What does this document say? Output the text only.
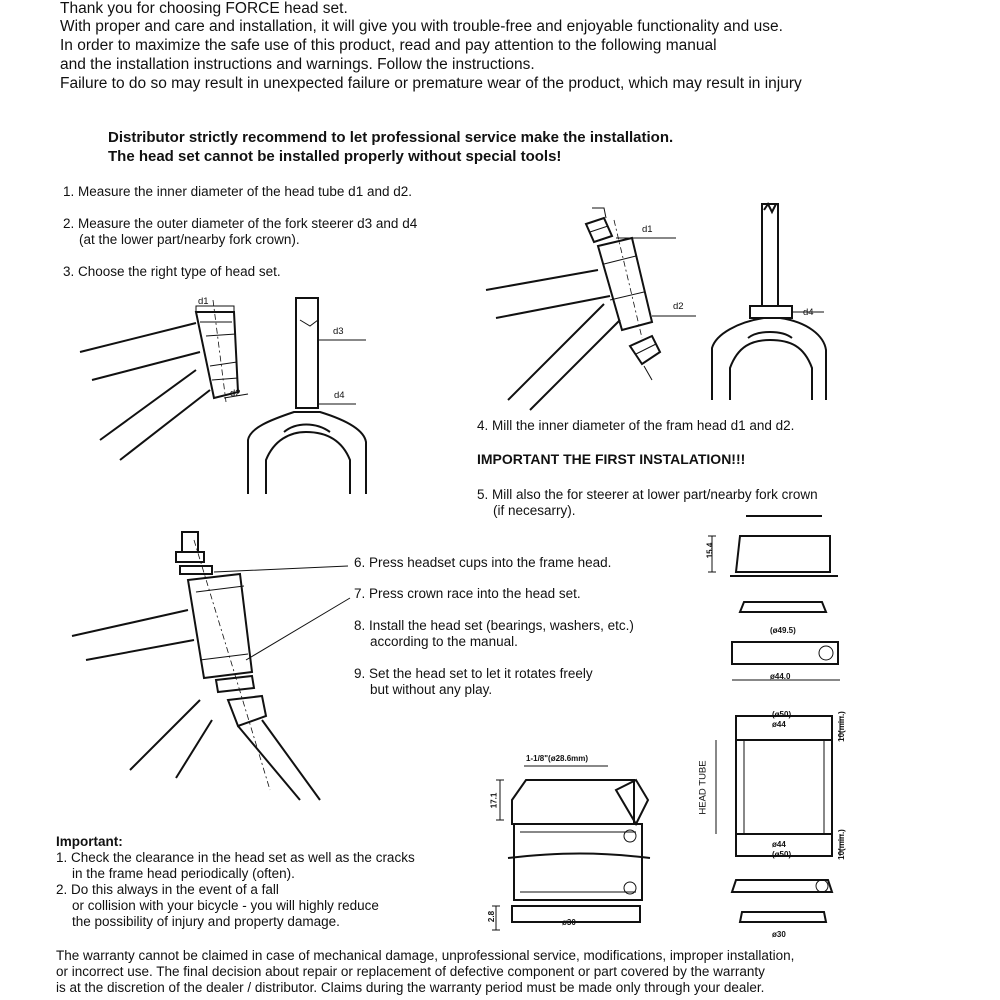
Thank you for choosing FORCE head set.
With proper and care and installation, it will give you with trouble-free and enjoyable functionality and use.
In order to maximize the safe use of this product, read and pay attention to the following manual
and the installation instructions and warnings. Follow the instructions.
Failure to do so may result in unexpected failure or premature wear of the product, which may result in injury
Distributor strictly recommend to let professional service make the installation.
The head set cannot be installed properly without special tools!
1. Measure the inner diameter of the head tube d1 and d2.
2. Measure the outer diameter of the fork steerer d3 and d4
(at the lower part/nearby fork crown).
3. Choose the right type of head set.
4. Mill the inner diameter of the fram head d1 and d2.
IMPORTANT THE FIRST INSTALATION!!!
5. Mill also the for steerer at lower part/nearby fork crown
(if necesarry).
6. Press headset cups into the frame head.
7. Press crown race into the head set.
8. Install the head set (bearings, washers, etc.)
according to the manual.
9. Set the head set to let it rotates freely
but without any play.
Important:
1. Check the clearance in the head set as well as the cracks
in the frame head periodically (often).
2. Do this always in the event of a fall
or collision with your bicycle - you will highly reduce
the possibility of injury and property damage.
The warranty cannot be claimed in case of mechanical damage, unprofessional service, modifications, improper installation,
or incorrect use. The final decision about repair or replacement of defective component or part covered by the warranty
is at the discretion of the dealer / distributor. Claims during the warranty period must be made only through your dealer.
d1
d2
d3
d4
d1
d2
d4
1-1/8"(ø28.6mm)
17.1
2.8
ø30
15.4
(ø49.5)
ø44.0
(ø50)
ø44
HEAD TUBE
10(min.)
10(min.)
ø44
(ø50)
ø30
